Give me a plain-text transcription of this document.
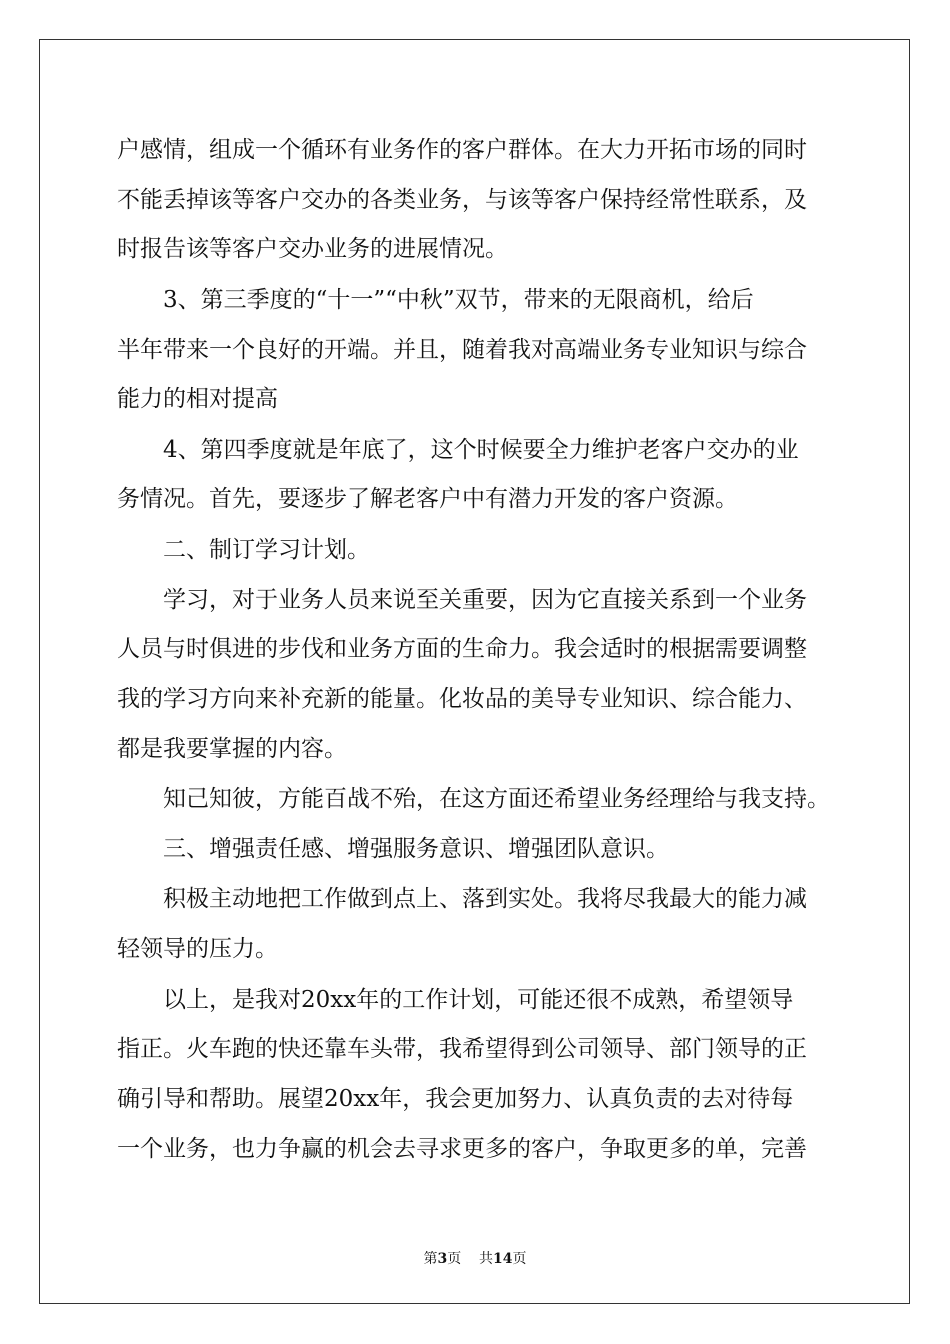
户感情，组成一个循环有业务作的客户群体。在大力开拓市场的同时
不能丢掉该等客户交办的各类业务，与该等客户保持经常性联系，及
时报告该等客户交办业务的进展情况。
3、第三季度的“十一”“中秋”双节，带来的无限商机，给后
半年带来一个良好的开端。并且，随着我对高端业务专业知识与综合
能力的相对提高
4、第四季度就是年底了，这个时候要全力维护老客户交办的业
务情况。首先，要逐步了解老客户中有潜力开发的客户资源。
二、制订学习计划。
学习，对于业务人员来说至关重要，因为它直接关系到一个业务
人员与时俱进的步伐和业务方面的生命力。我会适时的根据需要调整
我的学习方向来补充新的能量。化妆品的美导专业知识、综合能力、
都是我要掌握的内容。
知己知彼，方能百战不殆，在这方面还希望业务经理给与我支持。
三、增强责任感、增强服务意识、增强团队意识。
积极主动地把工作做到点上、落到实处。我将尽我最大的能力减
轻领导的压力。
以上，是我对20xx年的工作计划，可能还很不成熟，希望领导
指正。火车跑的快还靠车头带，我希望得到公司领导、部门领导的正
确引导和帮助。展望20xx年，我会更加努力、认真负责的去对待每
一个业务，也力争赢的机会去寻求更多的客户，争取更多的单，完善
第3页 共14页
